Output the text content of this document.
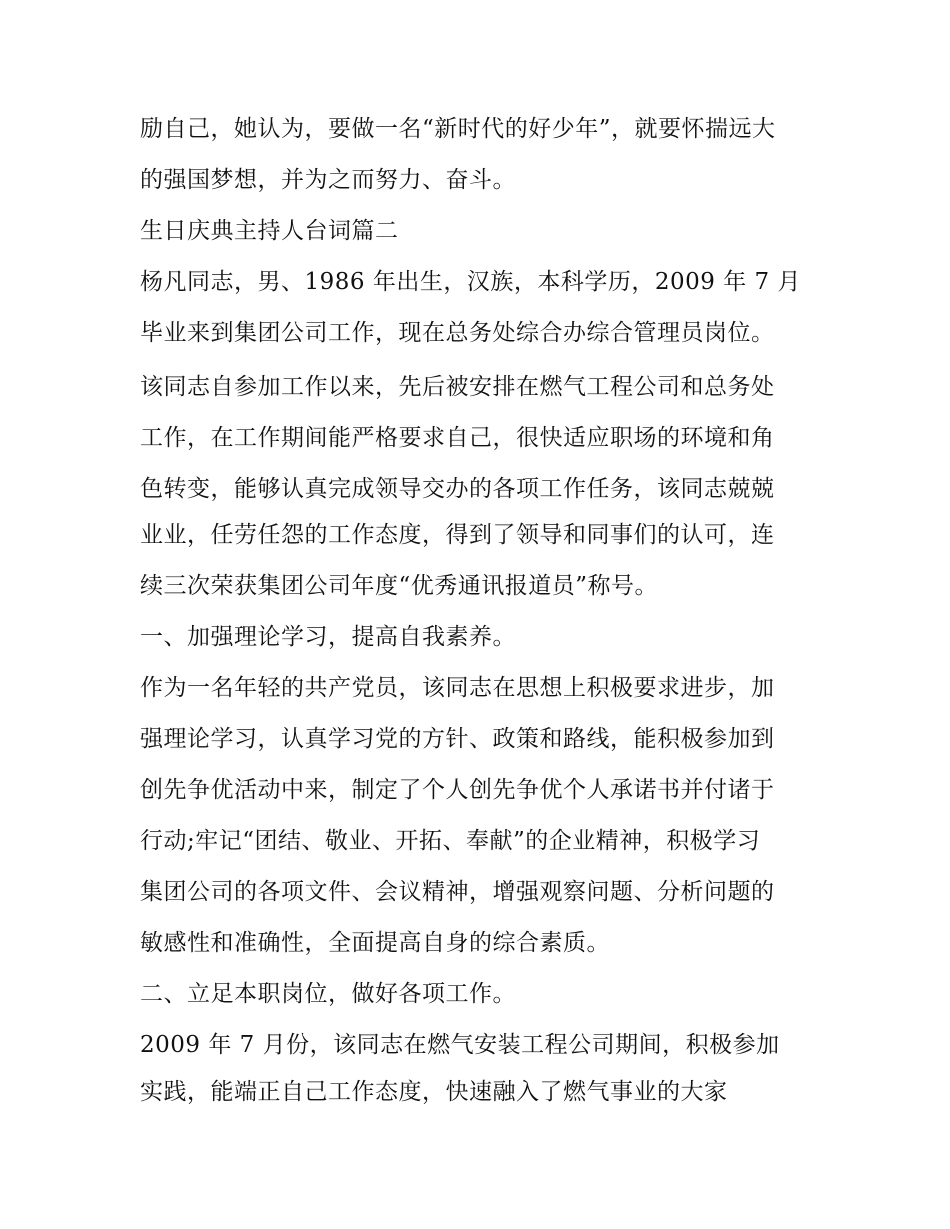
励自己，她认为，要做一名“新时代的好少年”，就要怀揣远大

的强国梦想，并为之而努力、奋斗。

生日庆典主持人台词篇二

杨凡同志，男、1986 年出生，汉族，本科学历，2009 年 7 月

毕业来到集团公司工作，现在总务处综合办综合管理员岗位。

该同志自参加工作以来，先后被安排在燃气工程公司和总务处

工作，在工作期间能严格要求自己，很快适应职场的环境和角

色转变，能够认真完成领导交办的各项工作任务，该同志兢兢

业业，任劳任怨的工作态度，得到了领导和同事们的认可，连

续三次荣获集团公司年度“优秀通讯报道员”称号。

一、加强理论学习，提高自我素养。

作为一名年轻的共产党员，该同志在思想上积极要求进步，加

强理论学习，认真学习党的方针、政策和路线，能积极参加到

创先争优活动中来，制定了个人创先争优个人承诺书并付诸于

行动;牢记“团结、敬业、开拓、奉献”的企业精神，积极学习

集团公司的各项文件、会议精神，增强观察问题、分析问题的

敏感性和准确性，全面提高自身的综合素质。

二、立足本职岗位，做好各项工作。

2009 年 7 月份，该同志在燃气安装工程公司期间，积极参加

实践，能端正自己工作态度，快速融入了燃气事业的大家
